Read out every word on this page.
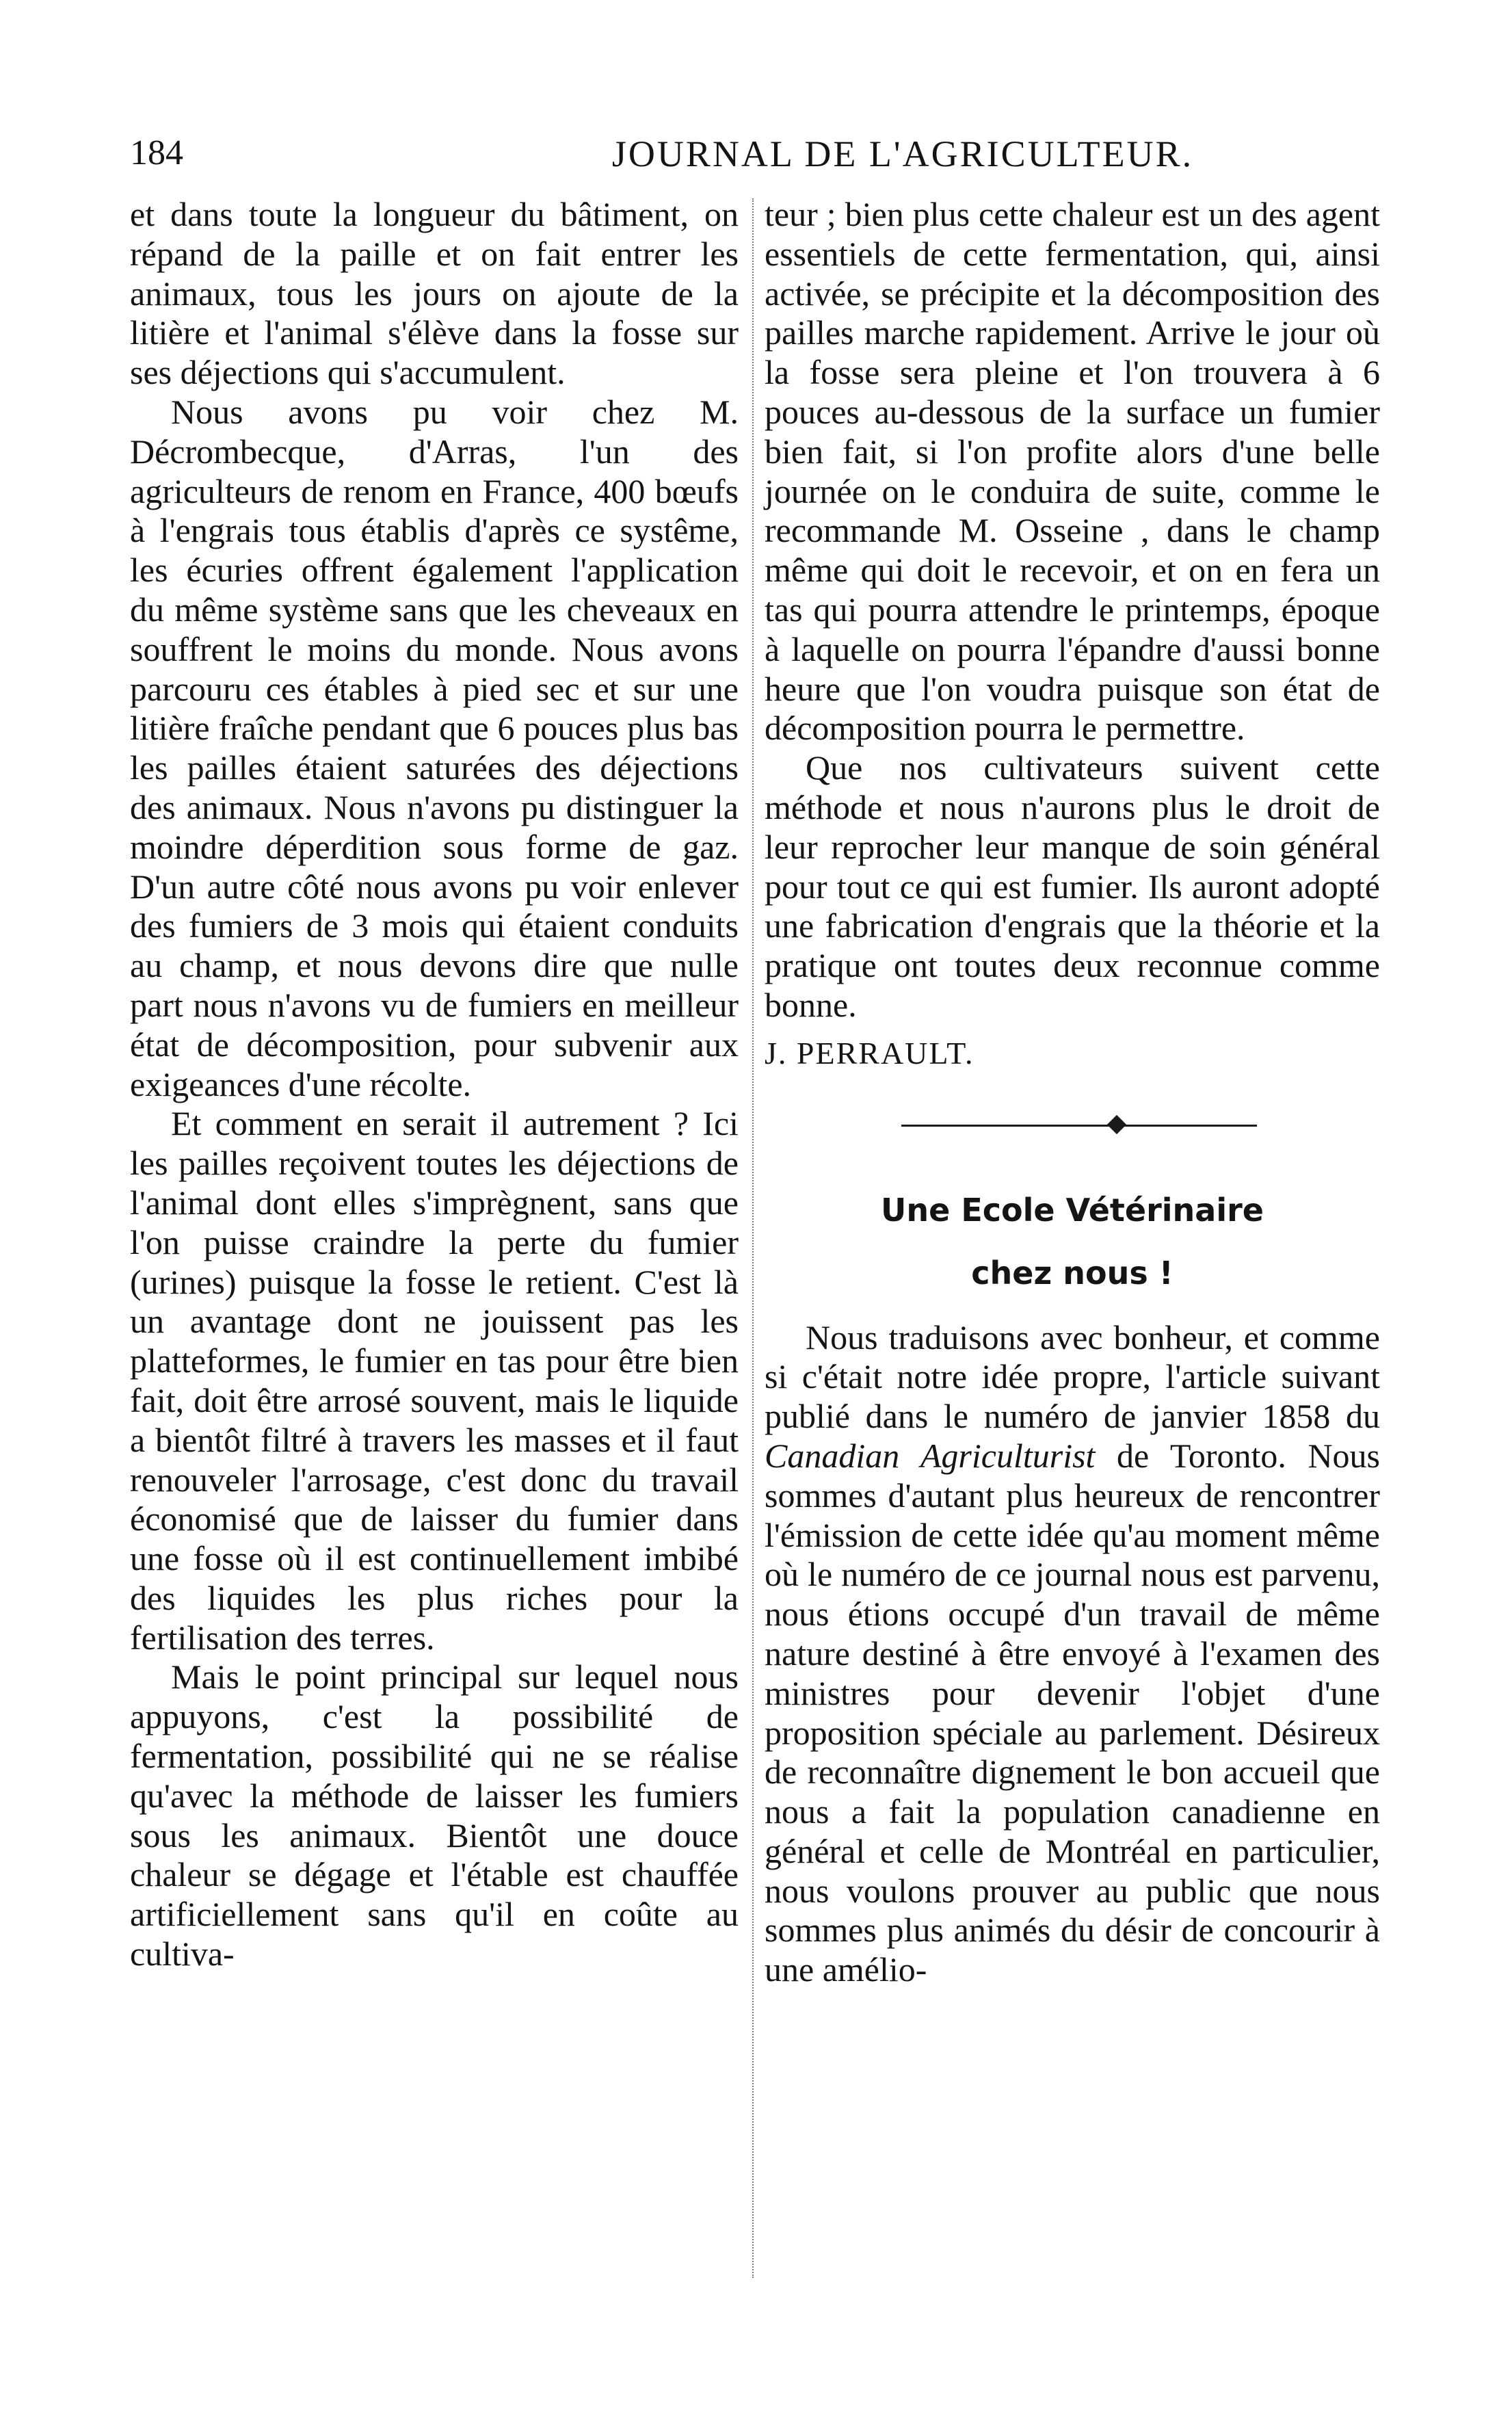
184	JOURNAL DE L'AGRICULTEUR.

et dans toute la longueur du bâtiment, on répand de la paille et on fait entrer les animaux, tous les jours on ajoute de la litière et l'animal s'élève dans la fosse sur ses déjections qui s'accumulent.

Nous avons pu voir chez M. Décrombecque, d'Arras, l'un des agriculteurs de renom en France, 400 bœufs à l'engrais tous établis d'après ce systême, les écuries offrent également l'application du même système sans que les cheveaux en souffrent le moins du monde. Nous avons parcouru ces étables à pied sec et sur une litière fraîche pendant que 6 pouces plus bas les pailles étaient saturées des déjections des animaux. Nous n'avons pu distinguer la moindre déperdition sous forme de gaz. D'un autre côté nous avons pu voir enlever des fumiers de 3 mois qui étaient conduits au champ, et nous devons dire que nulle part nous n'avons vu de fumiers en meilleur état de décomposition, pour subvenir aux exigeances d'une récolte.

Et comment en serait il autrement ? Ici les pailles reçoivent toutes les déjections de l'animal dont elles s'imprègnent, sans que l'on puisse craindre la perte du fumier (urines) puisque la fosse le retient. C'est là un avantage dont ne jouissent pas les platteformes, le fumier en tas pour être bien fait, doit être arrosé souvent, mais le liquide a bientôt filtré à travers les masses et il faut renouveler l'arrosage, c'est donc du travail économisé que de laisser du fumier dans une fosse où il est continuellement imbibé des liquides les plus riches pour la fertilisation des terres.

Mais le point principal sur lequel nous appuyons, c'est la possibilité de fermentation, possibilité qui ne se réalise qu'avec la méthode de laisser les fumiers sous les animaux. Bientôt une douce chaleur se dégage et l'étable est chauffée artificiellement sans qu'il en coûte au cultiva-

teur ; bien plus cette chaleur est un des agent essentiels de cette fermentation, qui, ainsi activée, se précipite et la décomposition des pailles marche rapidement. Arrive le jour où la fosse sera pleine et l'on trouvera à 6 pouces au-dessous de la surface un fumier bien fait, si l'on profite alors d'une belle journée on le conduira de suite, comme le recommande M. Osseine , dans le champ même qui doit le recevoir, et on en fera un tas qui pourra attendre le printemps, époque à laquelle on pourra l'épandre d'aussi bonne heure que l'on voudra puisque son état de décomposition pourra le permettre.

Que nos cultivateurs suivent cette méthode et nous n'aurons plus le droit de leur reprocher leur manque de soin général pour tout ce qui est fumier. Ils auront adopté une fabrication d'engrais que la théorie et la pratique ont toutes deux reconnue comme bonne.

J. PERRAULT.

Une Ecole Vétérinaire
chez nous !

Nous traduisons avec bonheur, et comme si c'était notre idée propre, l'article suivant publié dans le numéro de janvier 1858 du Canadian Agriculturist de Toronto. Nous sommes d'autant plus heureux de rencontrer l'émission de cette idée qu'au moment même où le numéro de ce journal nous est parvenu, nous étions occupé d'un travail de même nature destiné à être envoyé à l'examen des ministres pour devenir l'objet d'une proposition spéciale au parlement. Désireux de reconnaître dignement le bon accueil que nous a fait la population canadienne en général et celle de Montréal en particulier, nous voulons prouver au public que nous sommes plus animés du désir de concourir à une amélio-
